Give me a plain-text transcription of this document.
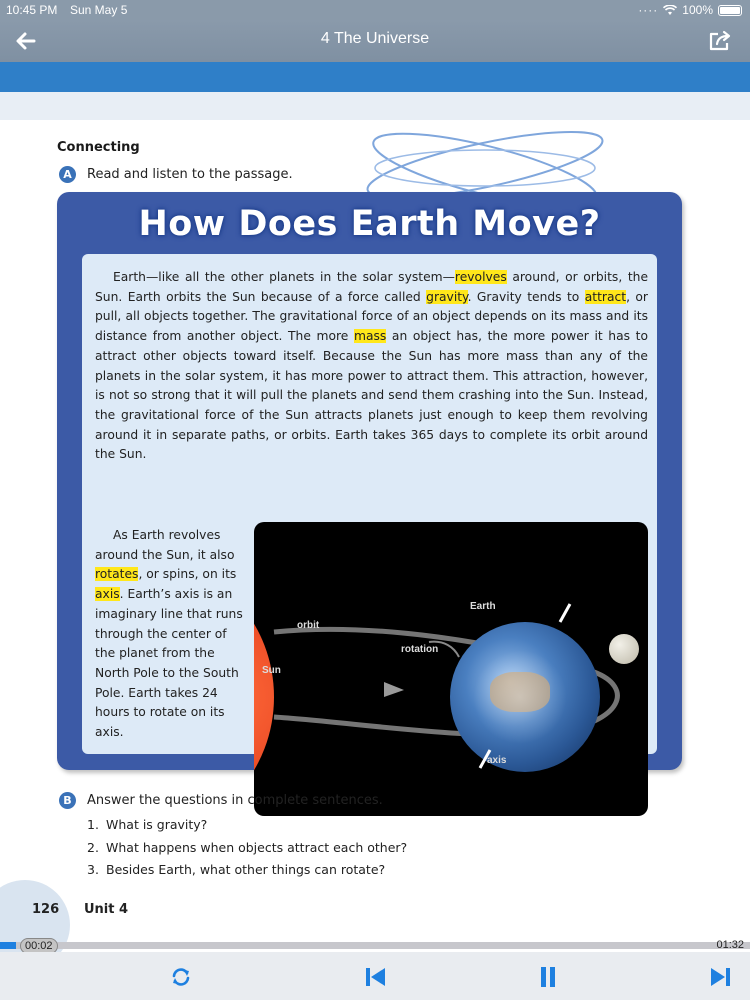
10:45 PM Sun May 5	···· 100%
4 The Universe
Connecting
A	Read and listen to the passage.
How Does Earth Move?

Earth—like all the other planets in the solar system—revolves around, or orbits, the Sun. Earth orbits the Sun because of a force called gravity. Gravity tends to attract, or pull, all objects together. The gravitational force of an object depends on its mass and its distance from another object. The more mass an object has, the more power it has to attract other objects toward itself. Because the Sun has more mass than any of the planets in the solar system, it has more power to attract them. This attraction, however, is not so strong that it will pull the planets and send them crashing into the Sun. Instead, the gravitational force of the Sun attracts planets just enough to keep them revolving around it in separate paths, or orbits. Earth takes 365 days to complete its orbit around the Sun.

As Earth revolves around the Sun, it also rotates, or spins, on its axis. Earth’s axis is an imaginary line that runs through the center of the planet from the North Pole to the South Pole. Earth takes 24 hours to rotate on its axis.

Sun
orbit
rotation
Earth
axis
B	Answer the questions in complete sentences.
1. What is gravity?
2. What happens when objects attract each other?
3. Besides Earth, what other things can rotate?
126 Unit 4
00:02	01:32
